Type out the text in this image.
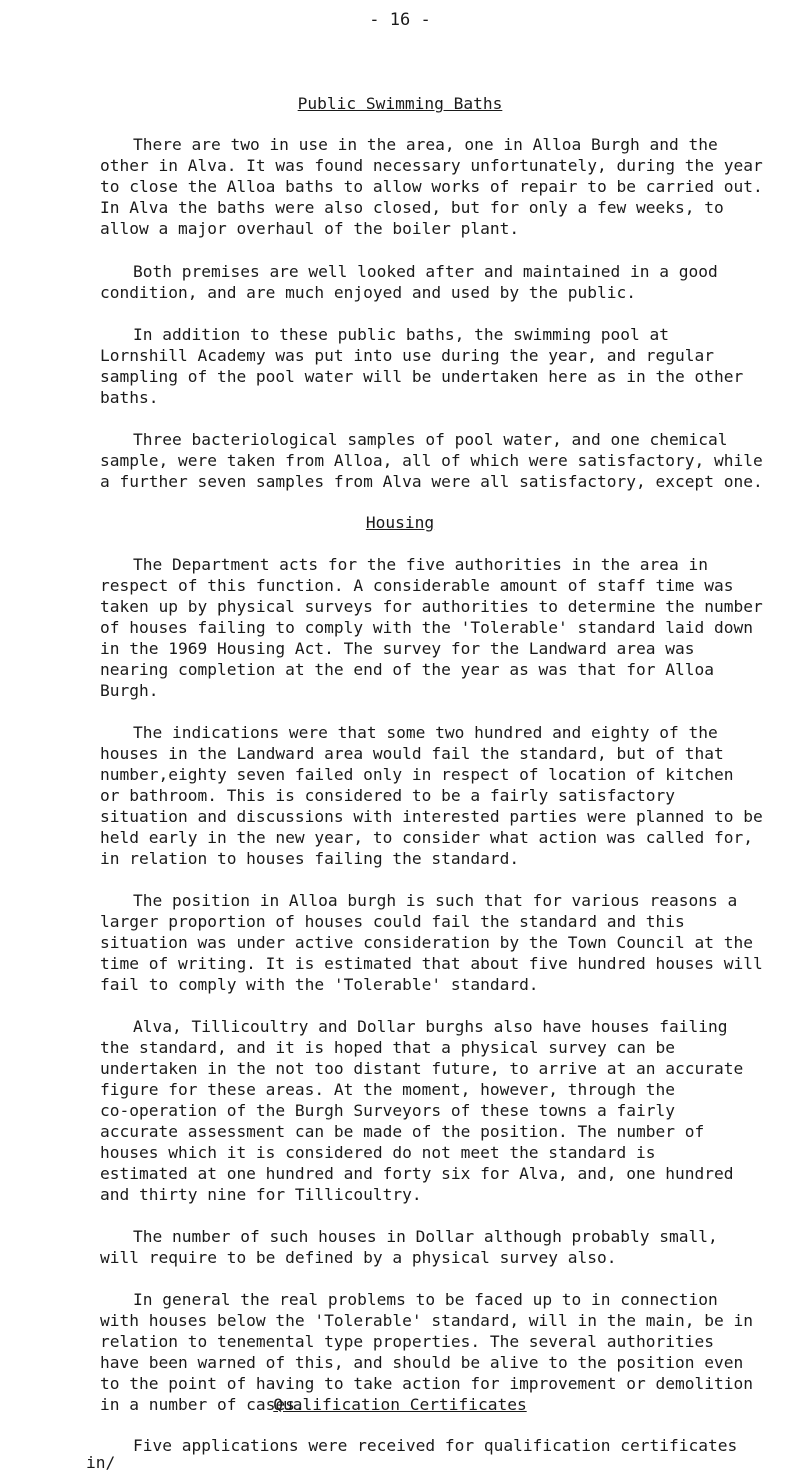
- 16 -
Public Swimming Baths
There are two in use in the area, one in Alloa Burgh and the
other in Alva. It was found necessary unfortunately, during the year
to close the Alloa baths to allow works of repair to be carried out.
In Alva the baths were also closed, but for only a few weeks, to
allow a major overhaul of the boiler plant.
Both premises are well looked after and maintained in a good
condition, and are much enjoyed and used by the public.
In addition to these public baths, the swimming pool at
Lornshill Academy was put into use during the year, and regular
sampling of the pool water will be undertaken here as in the other
baths.
Three bacteriological samples of pool water, and one chemical
sample, were taken from Alloa, all of which were satisfactory, while
a further seven samples from Alva were all satisfactory, except one.
Housing
The Department acts for the five authorities in the area in
respect of this function. A considerable amount of staff time was
taken up by physical surveys for authorities to determine the number
of houses failing to comply with the 'Tolerable' standard laid down
in the 1969 Housing Act. The survey for the Landward area was
nearing completion at the end of the year as was that for Alloa
Burgh.
The indications were that some two hundred and eighty of the
houses in the Landward area would fail the standard, but of that
number,eighty seven failed only in respect of location of kitchen
or bathroom. This is considered to be a fairly satisfactory
situation and discussions with interested parties were planned to be
held early in the new year, to consider what action was called for,
in relation to houses failing the standard.
The position in Alloa burgh is such that for various reasons a
larger proportion of houses could fail the standard and this
situation was under active consideration by the Town Council at the
time of writing. It is estimated that about five hundred houses will
fail to comply with the 'Tolerable' standard.
Alva, Tillicoultry and Dollar burghs also have houses failing
the standard, and it is hoped that a physical survey can be
undertaken in the not too distant future, to arrive at an accurate
figure for these areas. At the moment, however, through the
co-operation of the Burgh Surveyors of these towns a fairly
accurate assessment can be made of the position. The number of
houses which it is considered do not meet the standard is
estimated at one hundred and forty six for Alva, and, one hundred
and thirty nine for Tillicoultry.
The number of such houses in Dollar although probably small,
will require to be defined by a physical survey also.
In general the real problems to be faced up to in connection
with houses below the 'Tolerable' standard, will in the main, be in
relation to tenemental type properties. The several authorities
have been warned of this, and should be alive to the position even
to the point of having to take action for improvement or demolition
in a number of cases.
Qualification Certificates
Five applications were received for qualification certificates
in/
